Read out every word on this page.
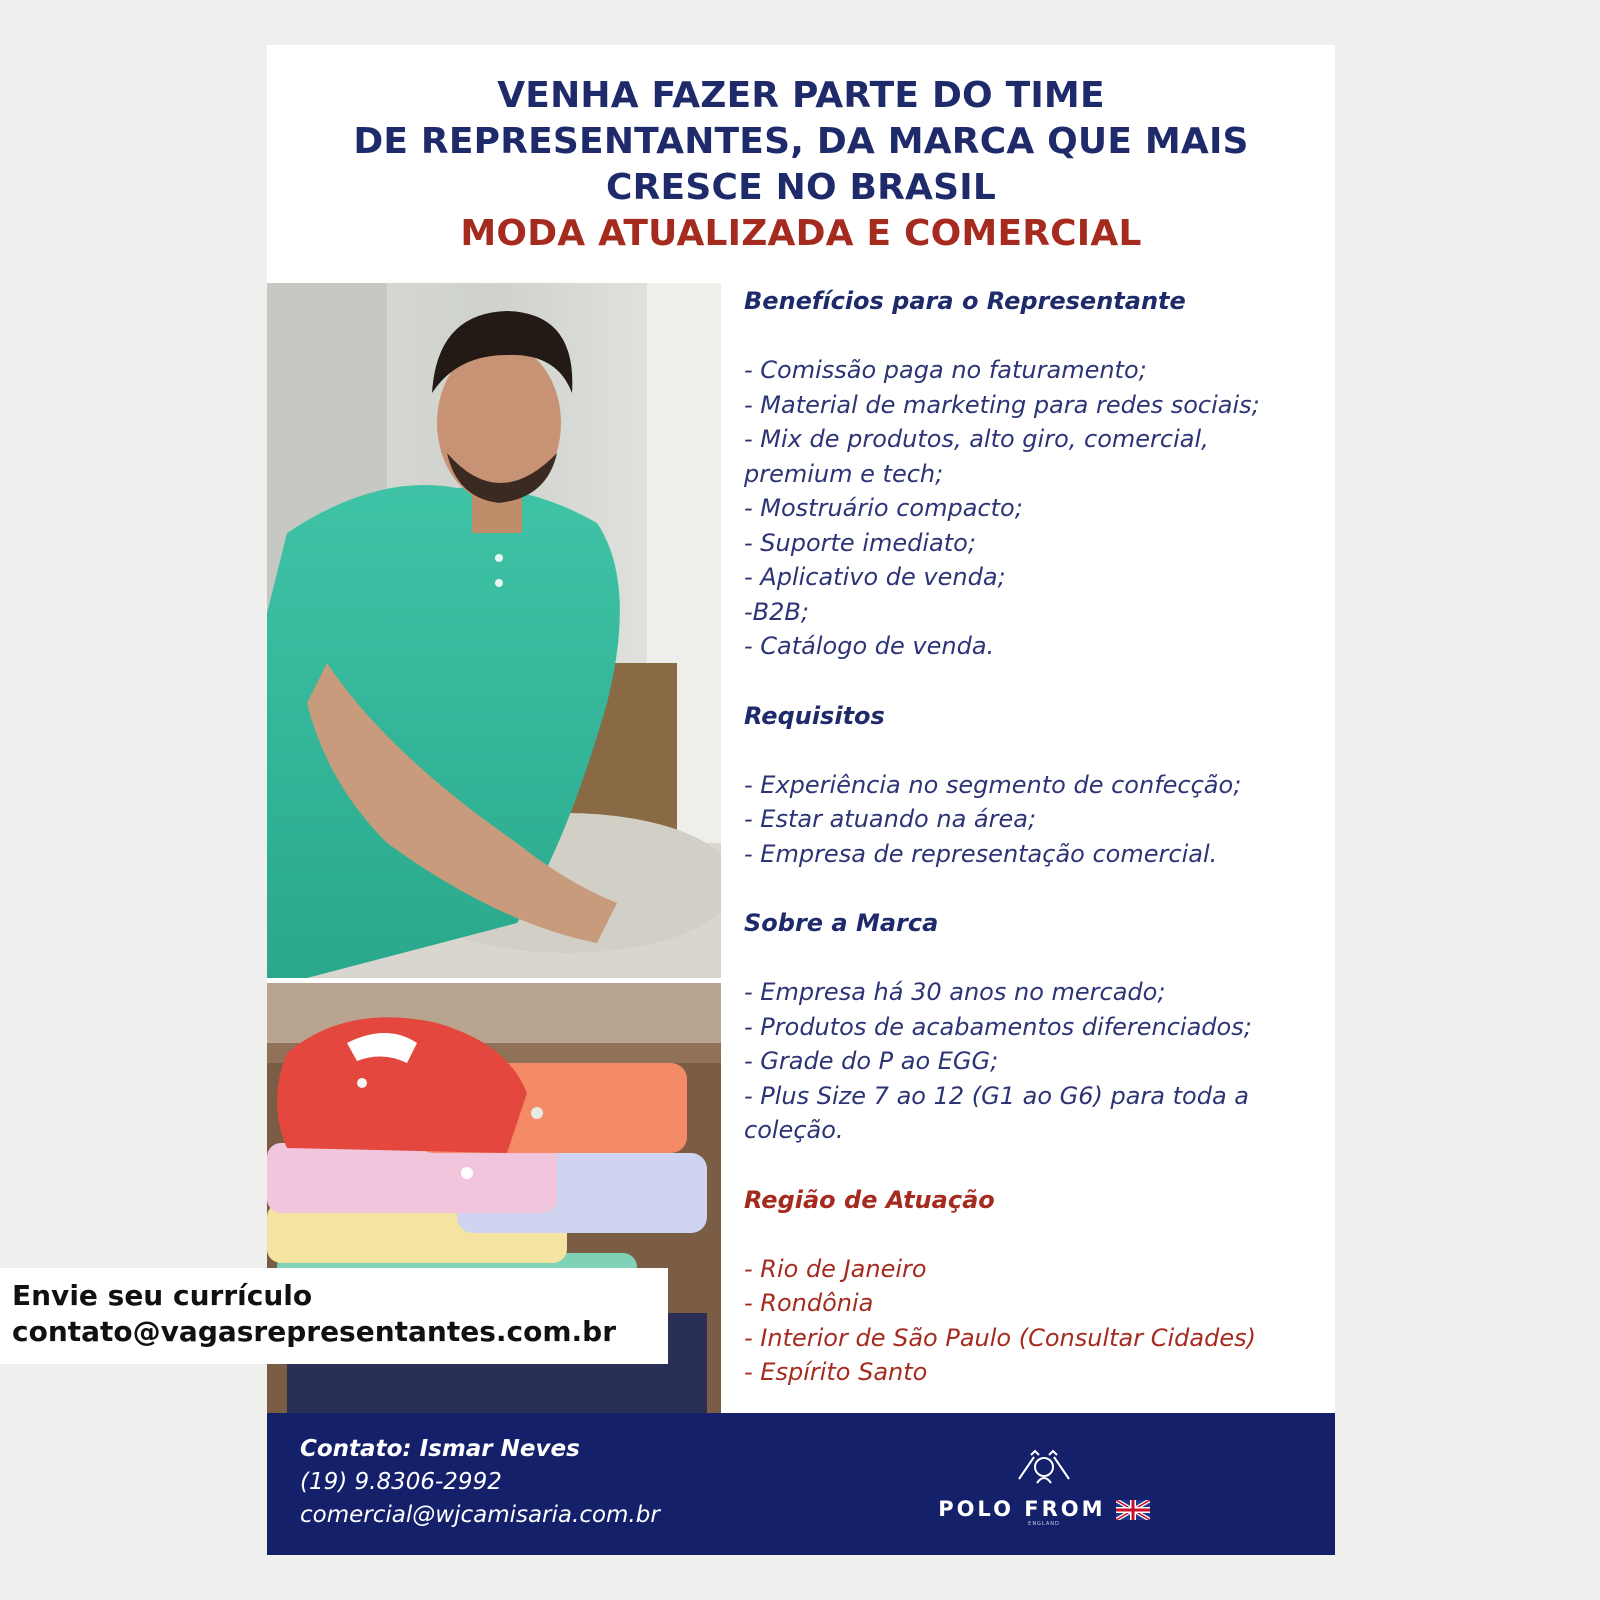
VENHA FAZER PARTE DO TIME
DE REPRESENTANTES, DA MARCA QUE MAIS
CRESCE NO BRASIL
MODA ATUALIZADA E COMERCIAL
Benefícios para o Representante
- Comissão paga no faturamento;
- Material de marketing para redes sociais;
- Mix de produtos, alto giro, comercial,
premium e tech;
- Mostruário compacto;
- Suporte imediato;
- Aplicativo de venda;
-B2B;
- Catálogo de venda.
Requisitos
- Experiência no segmento de confecção;
- Estar atuando na área;
- Empresa de representação comercial.
Sobre a Marca
- Empresa há 30 anos no mercado;
- Produtos de acabamentos diferenciados;
- Grade do P ao EGG;
- Plus Size 7 ao 12 (G1 ao G6) para toda a
coleção.
Região de Atuação
- Rio de Janeiro
- Rondônia
- Interior de São Paulo (Consultar Cidades)
- Espírito Santo
Contato: Ismar Neves
(19) 9.8306-2992
comercial@wjcamisaria.com.br	POLO FROM
ENGLAND
Envie seu currículo
contato@vagasrepresentantes.com.br
